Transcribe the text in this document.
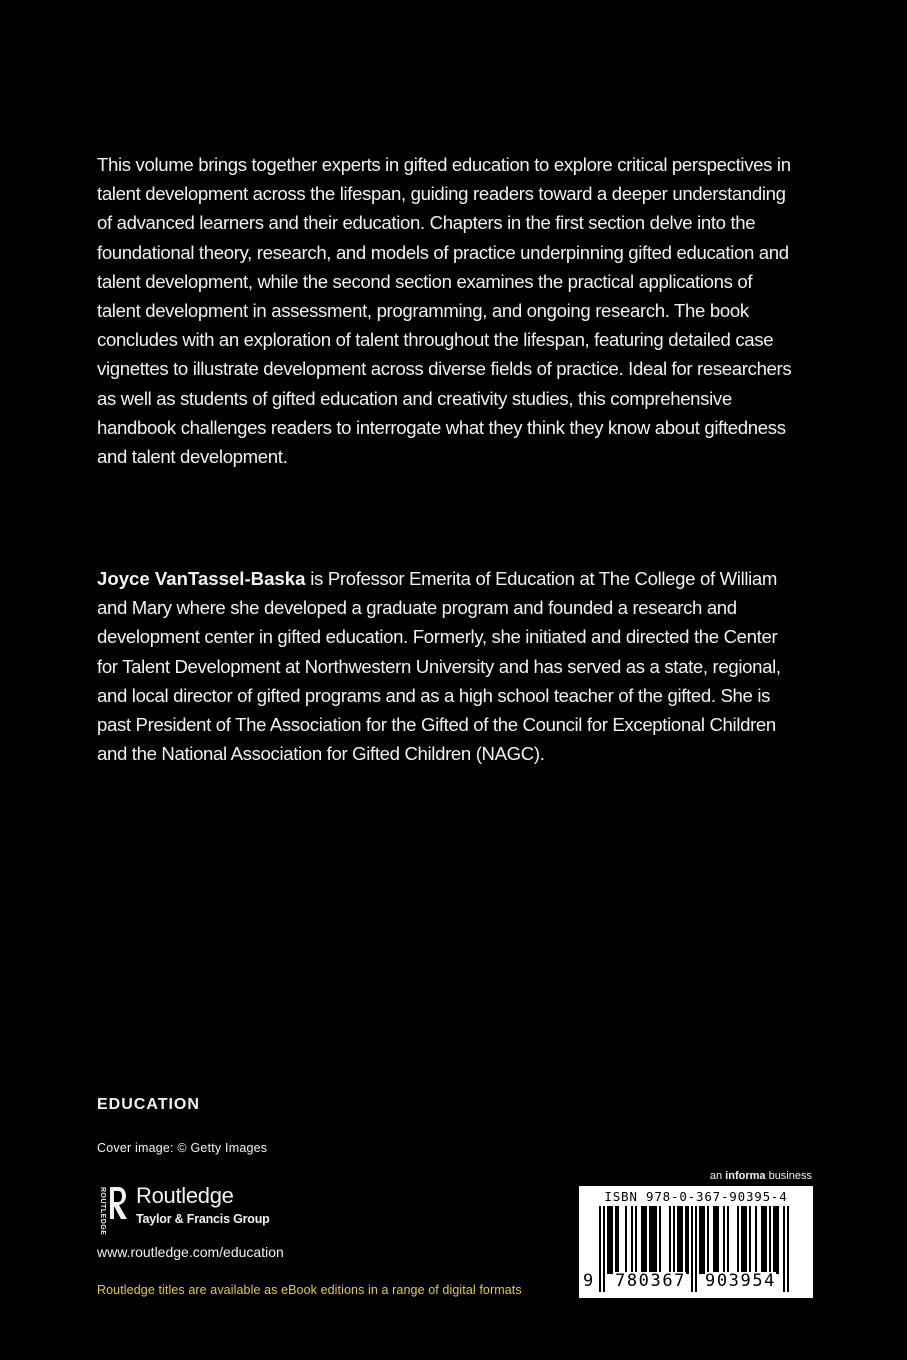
This volume brings together experts in gifted education to explore critical perspectives in talent development across the lifespan, guiding readers toward a deeper understanding of advanced learners and their education. Chapters in the first section delve into the foundational theory, research, and models of practice underpinning gifted education and talent development, while the second section examines the practical applications of talent development in assessment, programming, and ongoing research. The book concludes with an exploration of talent throughout the lifespan, featuring detailed case vignettes to illustrate development across diverse fields of practice. Ideal for researchers as well as students of gifted education and creativity studies, this comprehensive handbook challenges readers to interrogate what they think they know about giftedness and talent development.

Joyce VanTassel-Baska is Professor Emerita of Education at The College of William and Mary where she developed a graduate program and founded a research and development center in gifted education. Formerly, she initiated and directed the Center for Talent Development at Northwestern University and has served as a state, regional, and local director of gifted programs and as a high school teacher of the gifted. She is past President of The Association for the Gifted of the Council for Exceptional Children and the National Association for Gifted Children (NAGC).

EDUCATION

Cover image: © Getty Images

ROUTLEDGE Routledge

Taylor & Francis Group

www.routledge.com/education

Routledge titles are available as eBook editions in a range of digital formats

an informa business

ISBN 978-0-367-90395-4

9 780367 903954
